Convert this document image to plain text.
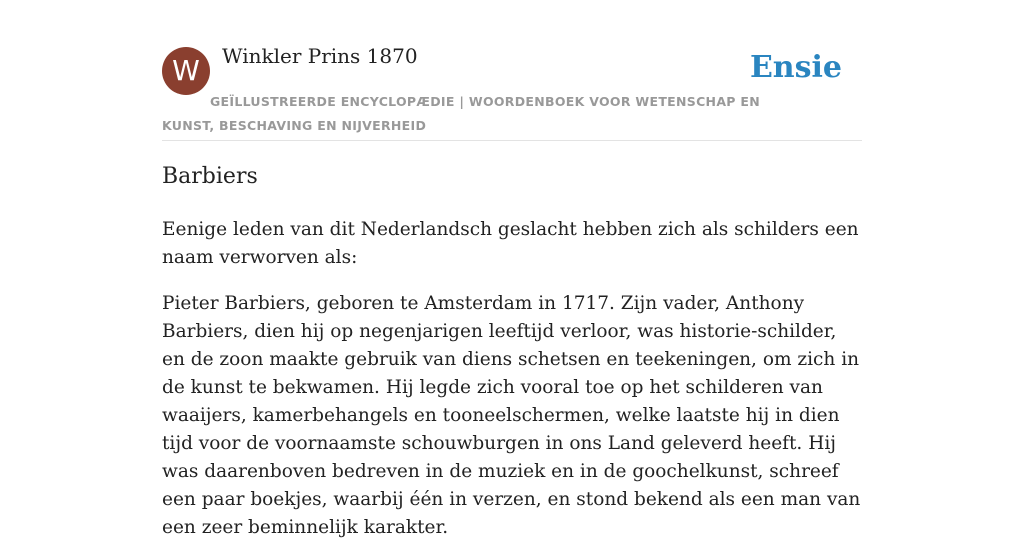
W	Winkler Prins 1870	Ensie
GEÏLLUSTREERDE ENCYCLOPÆDIE | WOORDENBOEK VOOR WETENSCHAP EN KUNST, BESCHAVING EN NIJVERHEID
Barbiers

Eenige leden van dit Nederlandsch geslacht hebben zich als schilders een naam verworven als:

Pieter Barbiers, geboren te Amsterdam in 1717. Zijn vader, Anthony Barbiers, dien hij op negenjarigen leeftijd verloor, was historie-schilder, en de zoon maakte gebruik van diens schetsen en teekeningen, om zich in de kunst te bekwamen. Hij legde zich vooral toe op het schilderen van waaijers, kamerbehangels en tooneelschermen, welke laatste hij in dien tijd voor de voornaamste schouwburgen in ons Land geleverd heeft. Hij was daarenboven bedreven in de muziek en in de goochelkunst, schreef een paar boekjes, waarbij één in verzen, en stond bekend als een man van een zeer beminnelijk karakter.
